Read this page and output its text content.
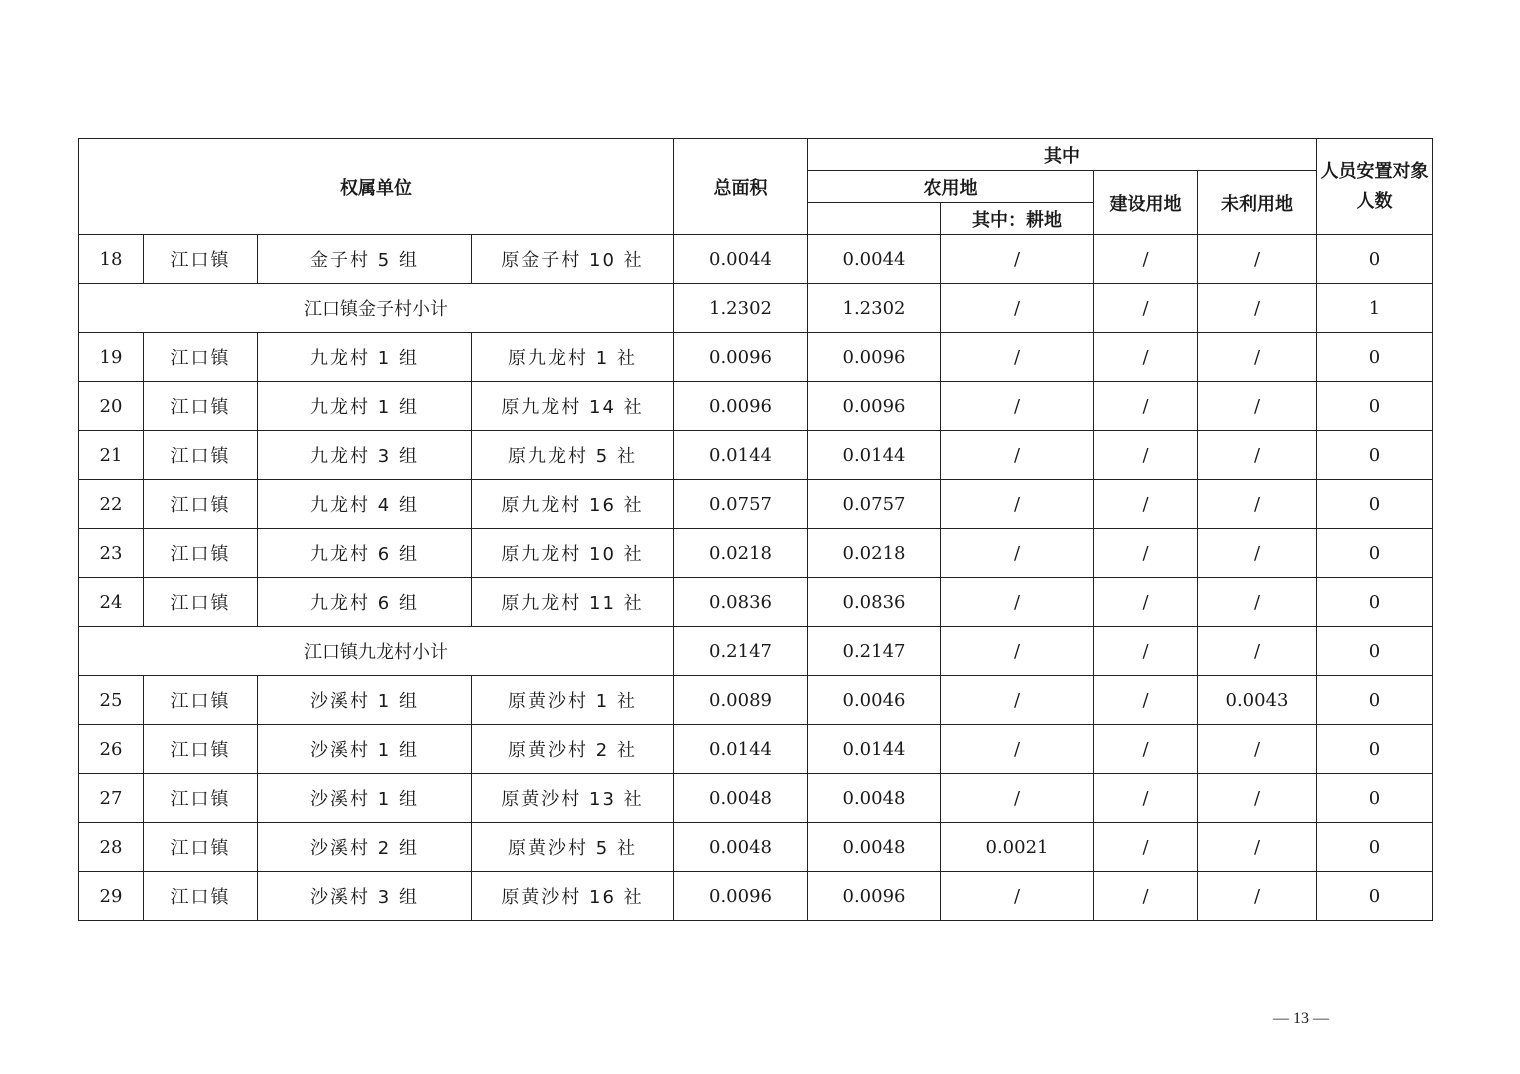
权属单位				总面积	其中				人员安置对象人数
					农用地		建设用地	未利用地	
						其中：耕地			
18	江口镇	金子村 5 组	原金子村 10 社	0.0044	0.0044	/	/	/	0
江口镇金子村小计				1.2302	1.2302	/	/	/	1
19	江口镇	九龙村 1 组	原九龙村 1 社	0.0096	0.0096	/	/	/	0
20	江口镇	九龙村 1 组	原九龙村 14 社	0.0096	0.0096	/	/	/	0
21	江口镇	九龙村 3 组	原九龙村 5 社	0.0144	0.0144	/	/	/	0
22	江口镇	九龙村 4 组	原九龙村 16 社	0.0757	0.0757	/	/	/	0
23	江口镇	九龙村 6 组	原九龙村 10 社	0.0218	0.0218	/	/	/	0
24	江口镇	九龙村 6 组	原九龙村 11 社	0.0836	0.0836	/	/	/	0
江口镇九龙村小计				0.2147	0.2147	/	/	/	0
25	江口镇	沙溪村 1 组	原黄沙村 1 社	0.0089	0.0046	/	/	0.0043	0
26	江口镇	沙溪村 1 组	原黄沙村 2 社	0.0144	0.0144	/	/	/	0
27	江口镇	沙溪村 1 组	原黄沙村 13 社	0.0048	0.0048	/	/	/	0
28	江口镇	沙溪村 2 组	原黄沙村 5 社	0.0048	0.0048	0.0021	/	/	0
29	江口镇	沙溪村 3 组	原黄沙村 16 社	0.0096	0.0096	/	/	/	0
— 13 —
